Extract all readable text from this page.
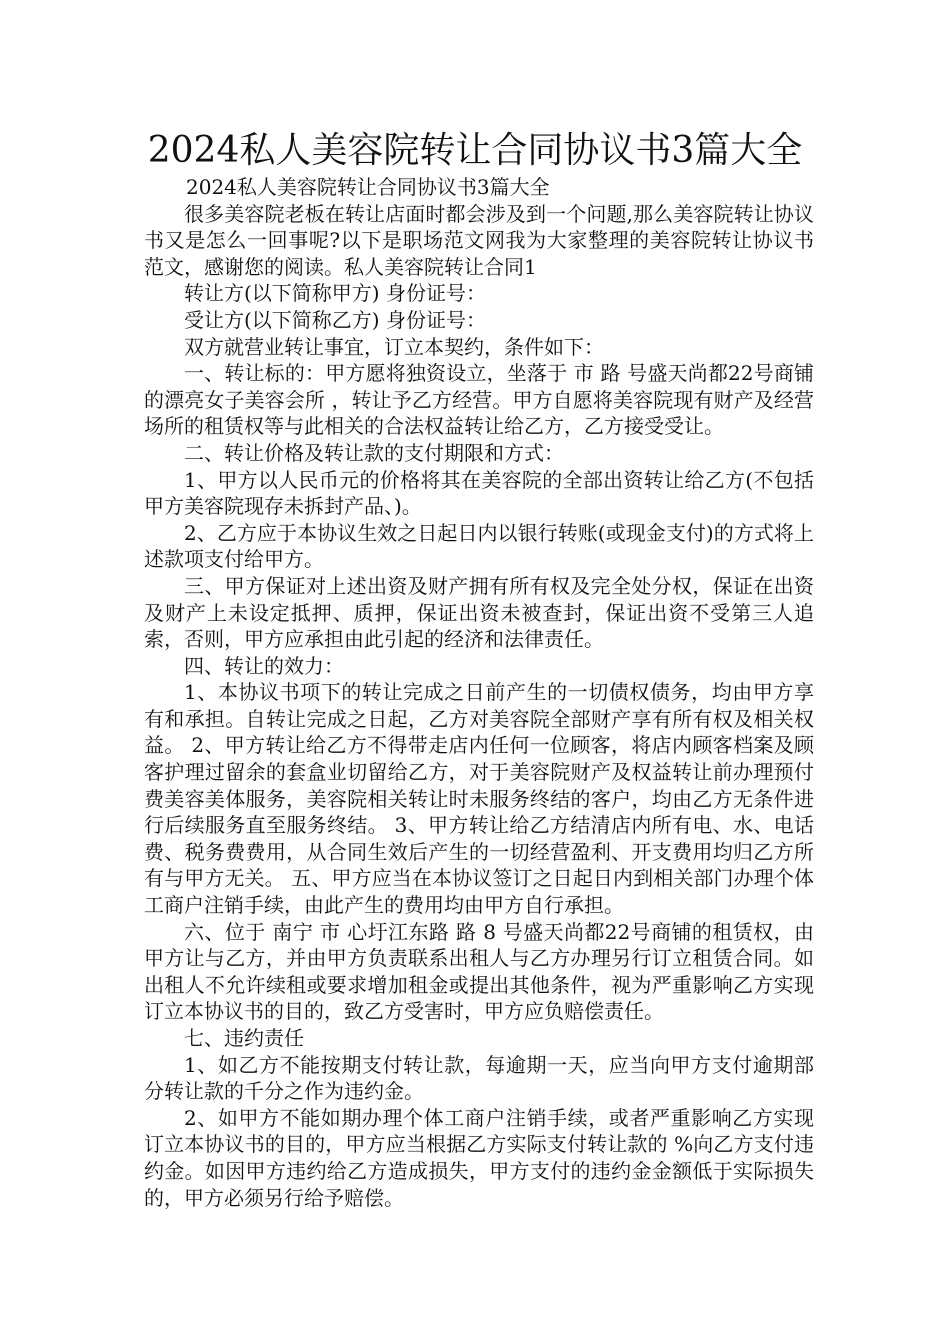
2024私人美容院转让合同协议书3篇大全

2024私人美容院转让合同协议书3篇大全

很多美容院老板在转让店面时都会涉及到一个问题,那么美容院转让协议书又是怎么一回事呢?以下是职场范文网我为大家整理的美容院转让协议书范文，感谢您的阅读。私人美容院转让合同1

转让方(以下简称甲方) 身份证号：

受让方(以下简称乙方) 身份证号：

双方就营业转让事宜，订立本契约，条件如下：

一、转让标的：甲方愿将独资设立，坐落于 市 路 号盛天尚都22号商铺的漂亮女子美容会所 ，转让予乙方经营。甲方自愿将美容院现有财产及经营场所的租赁权等与此相关的合法权益转让给乙方，乙方接受受让。

二、转让价格及转让款的支付期限和方式：

1、甲方以人民币元的价格将其在美容院的全部出资转让给乙方(不包括甲方美容院现存未拆封产品、)。

2、乙方应于本协议生效之日起日内以银行转账(或现金支付)的方式将上述款项支付给甲方。

三、甲方保证对上述出资及财产拥有所有权及完全处分权，保证在出资及财产上未设定抵押、质押，保证出资未被查封，保证出资不受第三人追索，否则，甲方应承担由此引起的经济和法律责任。

四、转让的效力：

1、本协议书项下的转让完成之日前产生的一切债权债务，均由甲方享有和承担。自转让完成之日起，乙方对美容院全部财产享有所有权及相关权益。 2、甲方转让给乙方不得带走店内任何一位顾客，将店内顾客档案及顾客护理过留余的套盒业切留给乙方，对于美容院财产及权益转让前办理预付费美容美体服务，美容院相关转让时未服务终结的客户，均由乙方无条件进行后续服务直至服务终结。 3、甲方转让给乙方结清店内所有电、水、电话费、税务费费用，从合同生效后产生的一切经营盈利、开支费用均归乙方所有与甲方无关。 五、甲方应当在本协议签订之日起日内到相关部门办理个体工商户注销手续，由此产生的费用均由甲方自行承担。

六、位于 南宁 市 心圩江东路 路 8 号盛天尚都22号商铺的租赁权，由甲方让与乙方，并由甲方负责联系出租人与乙方办理另行订立租赁合同。如出租人不允许续租或要求增加租金或提出其他条件，视为严重影响乙方实现订立本协议书的目的，致乙方受害时，甲方应负赔偿责任。

七、违约责任

1、如乙方不能按期支付转让款，每逾期一天，应当向甲方支付逾期部分转让款的千分之作为违约金。

2、如甲方不能如期办理个体工商户注销手续，或者严重影响乙方实现订立本协议书的目的，甲方应当根据乙方实际支付转让款的 %向乙方支付违约金。如因甲方违约给乙方造成损失，甲方支付的违约金金额低于实际损失的，甲方必须另行给予赔偿。
